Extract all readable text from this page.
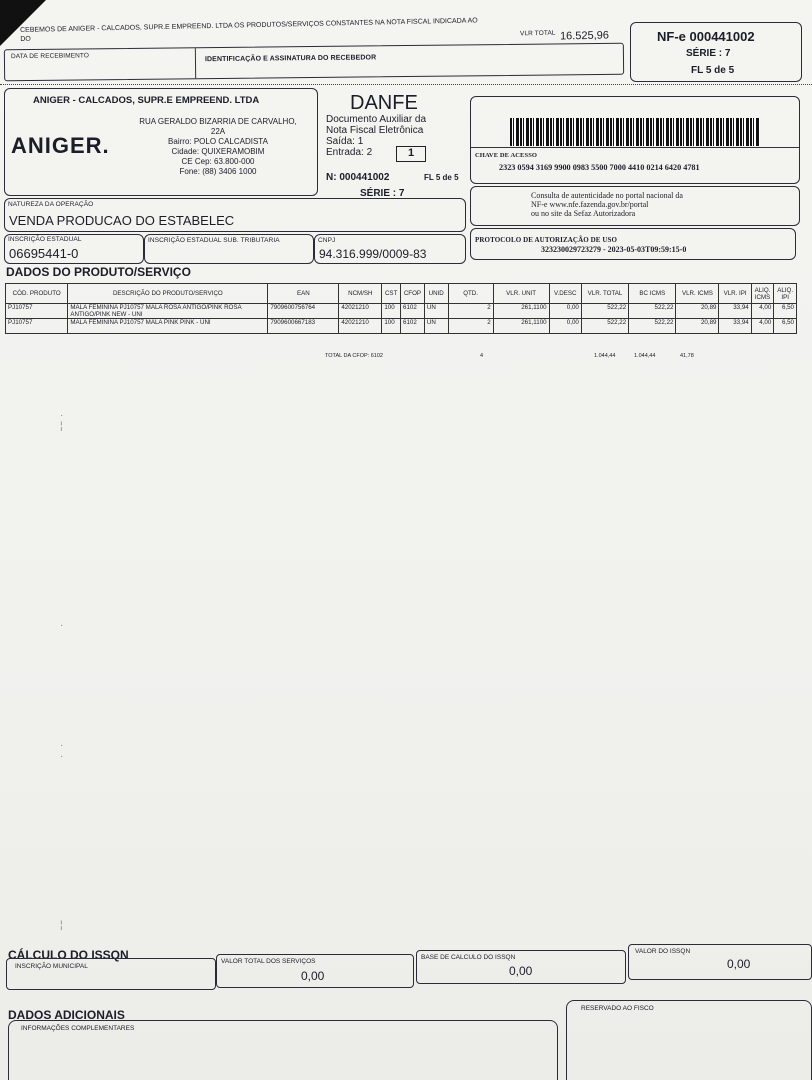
CEBEMOS DE ANIGER - CALCADOS, SUPR.E EMPREEND. LTDA OS PRODUTOS/SERVIÇOS CONSTANTES NA NOTA FISCAL INDICADA AO
DO
VLR TOTAL 16.525,96
DATA DE RECEBIMENTO	IDENTIFICAÇÃO E ASSINATURA DO RECEBEDOR
NF-e 000441002
SÉRIE : 7
FL 5 de 5
ANIGER - CALCADOS, SUPR.E EMPREEND. LTDA
ANIGER.
RUA GERALDO BIZARRIA DE CARVALHO,
22A
Bairro: POLO CALCADISTA
Cidade: QUIXERAMOBIM
CE Cep: 63.800-000
Fone: (88) 3406 1000
DANFE
Documento Auxiliar da
Nota Fiscal Eletrônica
Saída: 1
Entrada: 2	1
N: 000441002	FL 5 de 5
SÉRIE : 7
CHAVE DE ACESSO
2323 0594 3169 9900 0983 5500 7000 4410 0214 6420 4781
Consulta de autenticidade no portal nacional da
NF-e www.nfe.fazenda.gov.br/portal
ou no site da Sefaz Autorizadora
NATUREZA DA OPERAÇÃO
VENDA PRODUCAO DO ESTABELEC
PROTOCOLO DE AUTORIZAÇÃO DE USO
323230029723279 - 2023-05-03T09:59:15-0
INSCRIÇÃO ESTADUAL
06695441-0
INSCRIÇÃO ESTADUAL SUB. TRIBUTARIA	CNPJ
94.316.999/0009-83
DADOS DO PRODUTO/SERVIÇO
CÓD. PRODUTO	DESCRIÇÃO DO PRODUTO/SERVIÇO	EAN	NCM/SH	CST	CFOP	UNID	QTD.	VLR. UNIT	V.DESC	VLR. TOTAL	BC ICMS	VLR. ICMS	VLR. IPI	ALIQ. ICMS	ALIQ. IPI
PJ10757	MALA FEMININA PJ10757 MALA ROSA ANTIGO/PINK ROSA ANTIGO/PINK NEW - UNI	7909600756764	42021210	100	6102	UN	2	261,1100	0,00	522,22	522,22	20,89	33,94	4,00	6,50
PJ10757	MALA FEMININA PJ10757 MALA PINK PINK - UNI	7909600667183	42021210	100	6102	UN	2	261,1100	0,00	522,22	522,22	20,89	33,94	4,00	6,50
TOTAL DA CFOP: 6102	4	1.044,44	1.044,44	41,78
·
¦
·
·
·
¦
CÁLCULO DO ISSQN
INSCRIÇÃO MUNICIPAL
VALOR TOTAL DOS SERVIÇOS
0,00
BASE DE CALCULO DO ISSQN
0,00
VALOR DO ISSQN
0,00
DADOS ADICIONAIS
INFORMAÇÕES COMPLEMENTARES
RESERVADO AO FISCO
